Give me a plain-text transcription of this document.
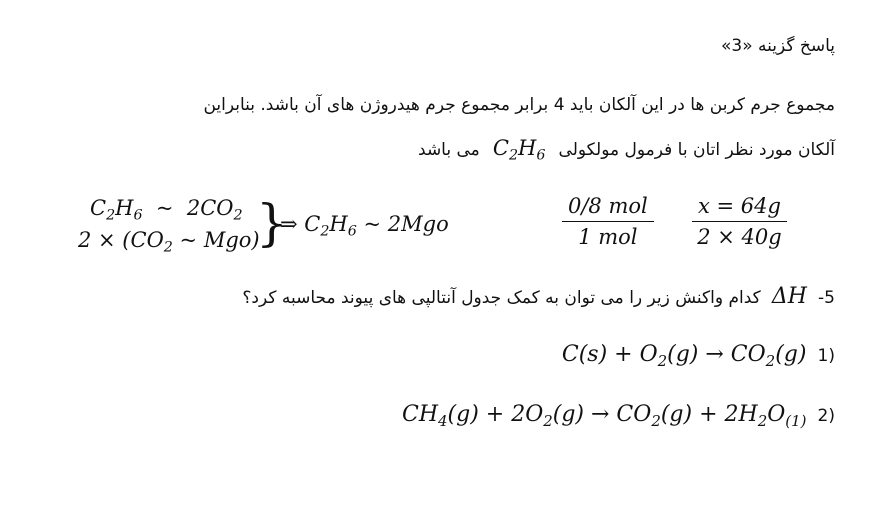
پاسخ گزینه «3»
مجموع جرم کربن ها در این آلکان باید 4 برابر مجموع جرم هیدروژن های آن باشد. بنابراین
آلکان مورد نظر اتان با فرمول مولکولی $C_2H_6$ می باشد
$C_2H_6$  ~  $2CO_2$
$2 \times (CO_2$ ~ Mgo)
}
⇒ $C_2H_6$ ~ 2Mgo
0/8 mol
1 mol	$\frac{x = 64g}{2 \times 40g}$
5- ΔH کدام واکنش زیر را می توان به کمک جدول آنتالپی های پیوند محاسبه کرد؟
(1 $C(s) + O_2(g) \to CO_2(g)$
(2 $CH_4(g) + 2O_2(g) \to CO_2(g) + 2H_2O_{(1)}$
